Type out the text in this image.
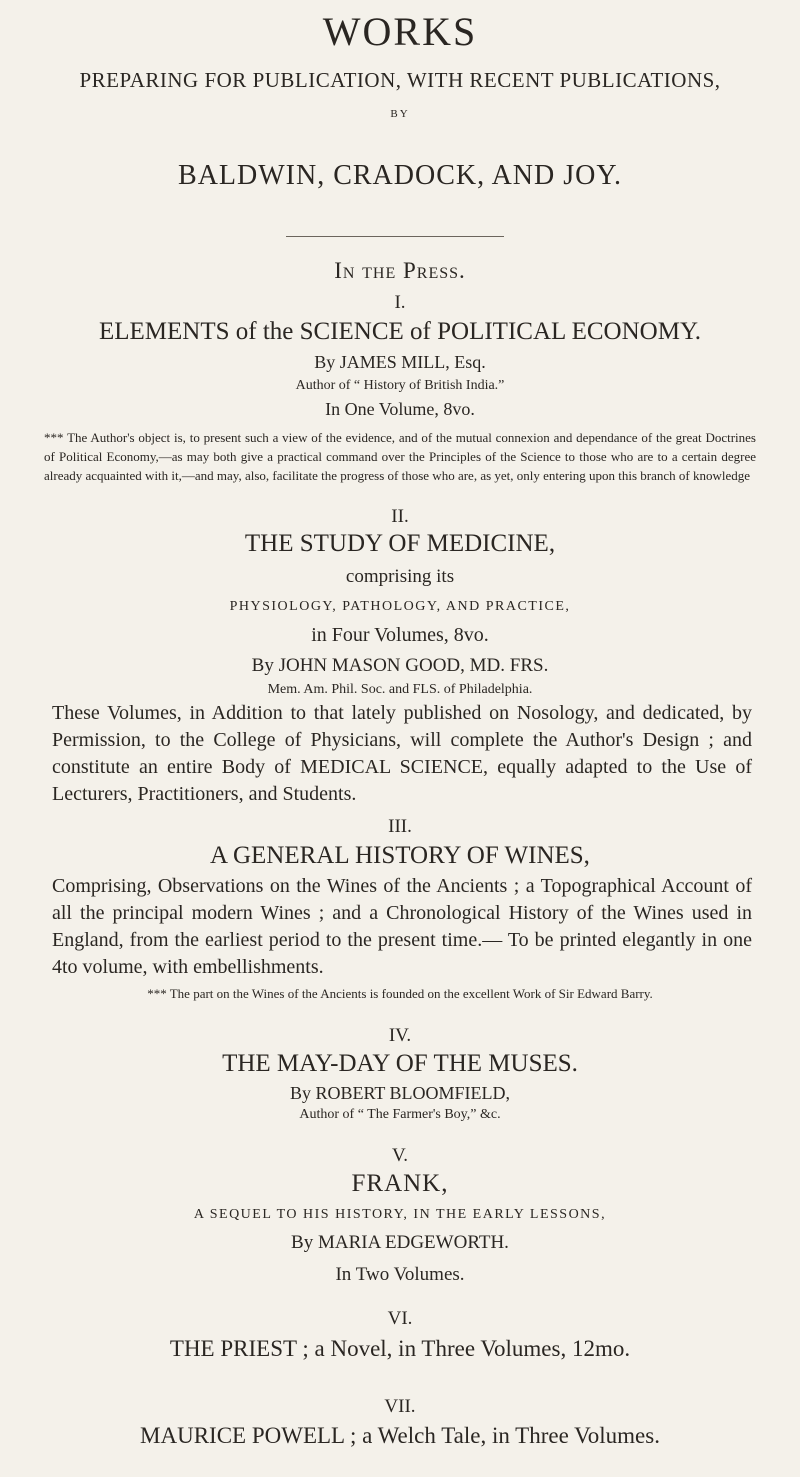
WORKS
PREPARING FOR PUBLICATION, WITH RECENT PUBLICATIONS,
BY
BALDWIN, CRADOCK, AND JOY.
In the Press.
I.
ELEMENTS of the SCIENCE of POLITICAL ECONOMY.
By JAMES MILL, Esq.
Author of “ History of British India.”
In One Volume, 8vo.
*** The Author's object is, to present such a view of the evidence, and of the mutual connexion and dependance of the great Doctrines of Political Economy,—as may both give a practical command over the Principles of the Science to those who are to a certain degree already acquainted with it,—and may, also, facilitate the progress of those who are, as yet, only entering upon this branch of knowledge
II.
THE STUDY OF MEDICINE,
comprising its
PHYSIOLOGY, PATHOLOGY, AND PRACTICE,
in Four Volumes, 8vo.
By JOHN MASON GOOD, MD. FRS.
Mem. Am. Phil. Soc. and FLS. of Philadelphia.
These Volumes, in Addition to that lately published on Nosology, and dedicated, by Permission, to the College of Physicians, will complete the Author's Design ; and constitute an entire Body of MEDICAL SCIENCE, equally adapted to the Use of Lecturers, Practitioners, and Students.
III.
A GENERAL HISTORY OF WINES,
Comprising, Observations on the Wines of the Ancients ; a Topographical Account of all the principal modern Wines ; and a Chronological History of the Wines used in England, from the earliest period to the present time.— To be printed elegantly in one 4to volume, with embellishments.
*** The part on the Wines of the Ancients is founded on the excellent Work of Sir Edward Barry.
IV.
THE MAY-DAY OF THE MUSES.
By ROBERT BLOOMFIELD,
Author of “ The Farmer's Boy,” &c.
V.
FRANK,
A SEQUEL TO HIS HISTORY, IN THE EARLY LESSONS,
By MARIA EDGEWORTH.
In Two Volumes.
VI.
THE PRIEST ; a Novel, in Three Volumes, 12mo.
VII.
MAURICE POWELL ; a Welch Tale, in Three Volumes.
